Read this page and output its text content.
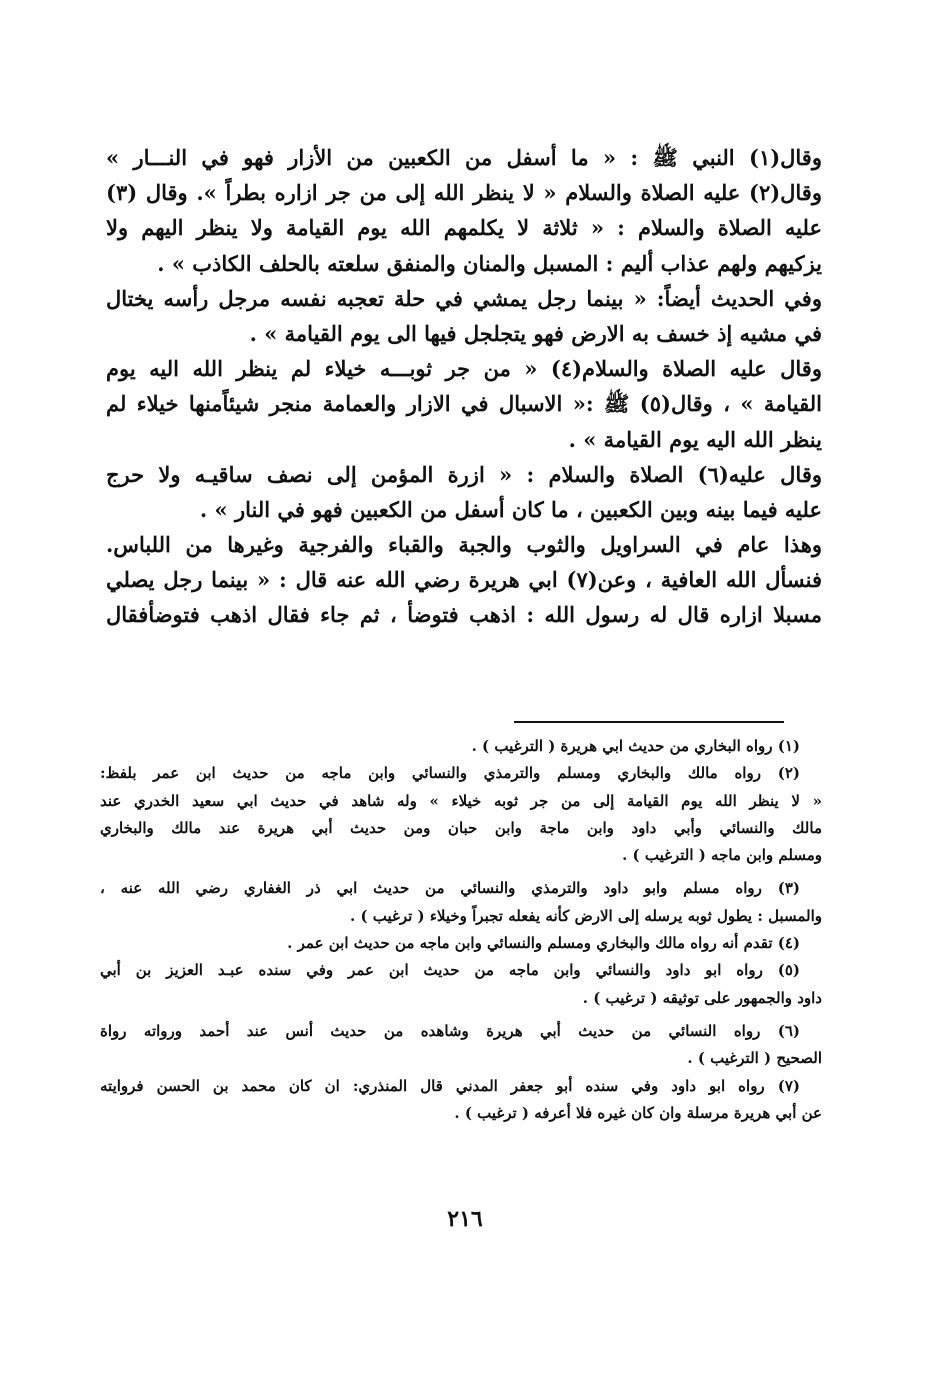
وقال(١) النبي ﷺ : « ما أسفل من الكعبين من الأزار فهو في النـــار »
وقال(٢) عليه الصلاة والسلام « لا ينظر الله إلى من جر ازاره بطراً ». وقال (٣)
عليه الصلاة والسلام : « ثلاثة لا يكلمهم الله يوم القيامة ولا ينظر اليهم ولا
يزكيهم ولهم عذاب أليم : المسبل والمنان والمنفق سلعته بالحلف الكاذب » .
وفي الحديث أيضاً: « بينما رجل يمشي في حلة تعجبه نفسه مرجل رأسه يختال
في مشيه إذ خسف به الارض فهو يتجلجل فيها الى يوم القيامة » .
وقال عليه الصلاة والسلام(٤) « من جر ثوبـــه خيلاء لم ينظر الله اليه يوم
القيامة » ، وقال(٥) ﷺ :« الاسبال في الازار والعمامة منجر شيئاًمنها خيلاء لم
ينظر الله اليه يوم القيامة » .
وقال عليه(٦) الصلاة والسلام : « ازرة المؤمن إلى نصف ساقيـه ولا حرج
عليه فيما بينه وبين الكعبين ، ما كان أسفل من الكعبين فهو في النار » .
وهذا عام في السراويل والثوب والجبة والقباء والفرجية وغيرها من اللباس.
فنسأل الله العافية ، وعن(٧) ابي هريرة رضي الله عنه قال : « بينما رجل يصلي
مسبلا ازاره قال له رسول الله : اذهب فتوضأ ، ثم جاء فقال اذهب فتوضأفقال
(١) رواه البخاري من حديث ابي هريرة ( الترغيب ) .
(٢) رواه مالك والبخاري ومسلم والترمذي والنسائي وابن ماجه من حديث ابن عمر بلفظ:
« لا ينظر الله يوم القيامة إلى من جر ثوبه خيلاء » وله شاهد في حديث ابي سعيد الخدري عند
مالك والنسائي وأبي داود وابن ماجة وابن حبان ومن حديث أبي هريرة عند مالك والبخاري
ومسلم وابن ماجه ( الترغيب ) .
(٣) رواه مسلم وابو داود والترمذي والنسائي من حديث ابي ذر الغفاري رضي الله عنه ،
والمسبل : يطول ثوبه يرسله إلى الارض كأنه يفعله تجبراً وخيلاء ( ترغيب ) .
(٤) تقدم أنه رواه مالك والبخاري ومسلم والنسائي وابن ماجه من حديث ابن عمر .
(٥) رواه ابو داود والنسائي وابن ماجه من حديث ابن عمر وفي سنده عبـد العزيز بن أبي
داود والجمهور على توثيقه ( ترغيب ) .
(٦) رواه النسائي من حديث أبي هريرة وشاهده من حديث أنس عند أحمد ورواته رواة
الصحيح ( الترغيب ) .
(٧) رواه ابو داود وفي سنده أبو جعفر المدني قال المنذري: ان كان محمد بن الحسن فروايته
عن أبي هريرة مرسلة وان كان غيره فلا أعرفه ( ترغيب ) .
٢١٦
